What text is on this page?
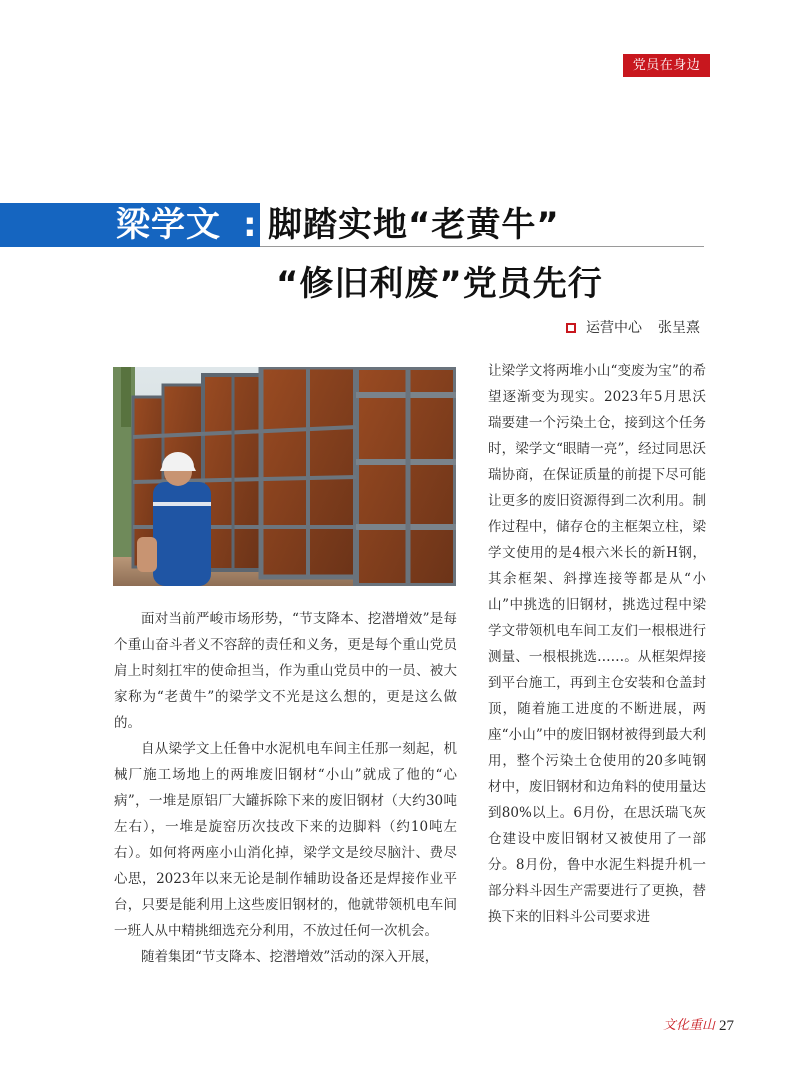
党员在身边
梁学文 : 脚踏实地“老黄牛”
“修旧利废”党员先行
运营中心 张呈熹

面对当前严峻市场形势，“节支降本、挖潜增效”是每个重山奋斗者义不容辞的责任和义务，更是每个重山党员肩上时刻扛牢的使命担当，作为重山党员中的一员、被大家称为“老黄牛”的梁学文不光是这么想的，更是这么做的。

自从梁学文上任鲁中水泥机电车间主任那一刻起，机械厂施工场地上的两堆废旧钢材“小山”就成了他的“心病”，一堆是原铝厂大罐拆除下来的废旧钢材（大约30吨左右），一堆是旋窑历次技改下来的边脚料（约10吨左右）。如何将两座小山消化掉，梁学文是绞尽脑汁、费尽心思，2023年以来无论是制作辅助设备还是焊接作业平台，只要是能利用上这些废旧钢材的，他就带领机电车间一班人从中精挑细选充分利用，不放过任何一次机会。

随着集团“节支降本、挖潜增效”活动的深入开展，

让梁学文将两堆小山“变废为宝”的希望逐渐变为现实。2023年5月思沃瑞要建一个污染土仓，接到这个任务时，梁学文“眼睛一亮”，经过同思沃瑞协商，在保证质量的前提下尽可能让更多的废旧资源得到二次利用。制作过程中，储存仓的主框架立柱，梁学文使用的是4根六米长的新H钢，其余框架、斜撑连接等都是从“小山”中挑选的旧钢材，挑选过程中梁学文带领机电车间工友们一根根进行测量、一根根挑选……。从框架焊接到平台施工，再到主仓安装和仓盖封顶，随着施工进度的不断进展，两座“小山”中的废旧钢材被得到最大利用，整个污染土仓使用的20多吨钢材中，废旧钢材和边角料的使用量达到80%以上。6月份，在思沃瑞飞灰仓建设中废旧钢材又被使用了一部分。8月份，鲁中水泥生料提升机一部分料斗因生产需要进行了更换，替换下来的旧料斗公司要求进

文化重山 27
